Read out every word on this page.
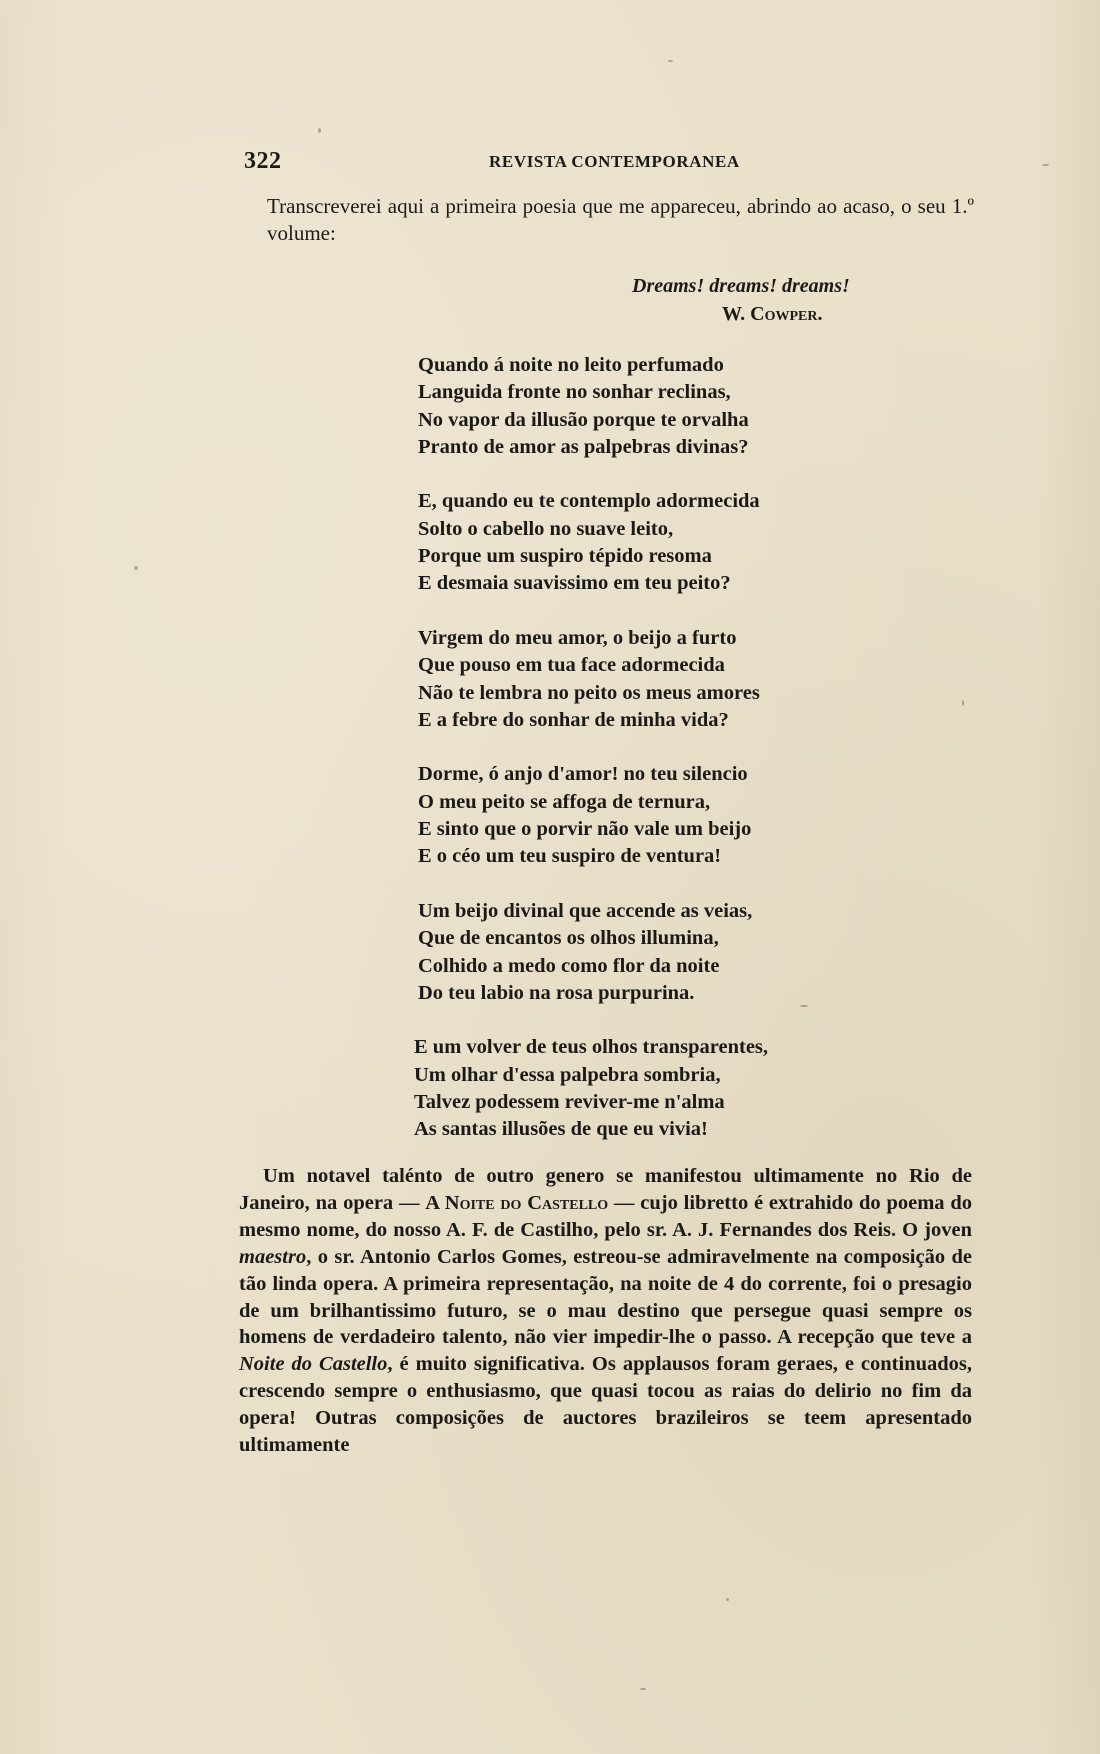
322	REVISTA CONTEMPORANEA
Transcreverei aqui a primeira poesia que me appareceu, abrindo ao acaso, o seu 1.º volume:
Dreams! dreams! dreams!
W. Cowper.
Quando á noite no leito perfumado
Languida fronte no sonhar reclinas,
No vapor da illusão porque te orvalha
Pranto de amor as palpebras divinas?
E, quando eu te contemplo adormecida
Solto o cabello no suave leito,
Porque um suspiro tépido resoma
E desmaia suavissimo em teu peito?
Virgem do meu amor, o beijo a furto
Que pouso em tua face adormecida
Não te lembra no peito os meus amores
E a febre do sonhar de minha vida?
Dorme, ó anjo d'amor! no teu silencio
O meu peito se affoga de ternura,
E sinto que o porvir não vale um beijo
E o céo um teu suspiro de ventura!
Um beijo divinal que accende as veias,
Que de encantos os olhos illumina,
Colhido a medo como flor da noite
Do teu labio na rosa purpurina.
E um volver de teus olhos transparentes,
Um olhar d'essa palpebra sombria,
Talvez podessem reviver-me n'alma
As santas illusões de que eu vivia!
Um notavel talénto de outro genero se manifestou ultimamente no Rio de Janeiro, na opera — A Noite do Castello — cujo libretto é extrahido do poema do mesmo nome, do nosso A. F. de Castilho, pelo sr. A. J. Fernandes dos Reis. O joven maestro, o sr. Antonio Carlos Gomes, estreou-se admiravelmente na composição de tão linda opera. A primeira representação, na noite de 4 do corrente, foi o presagio de um brilhantissimo futuro, se o mau destino que persegue quasi sempre os homens de verdadeiro talento, não vier impedir-lhe o passo. A recepção que teve a Noite do Castello, é muito significativa. Os applausos foram geraes, e continuados, crescendo sempre o enthusiasmo, que quasi tocou as raias do delirio no fim da opera! Outras composições de auctores brazileiros se teem apresentado ultimamente
